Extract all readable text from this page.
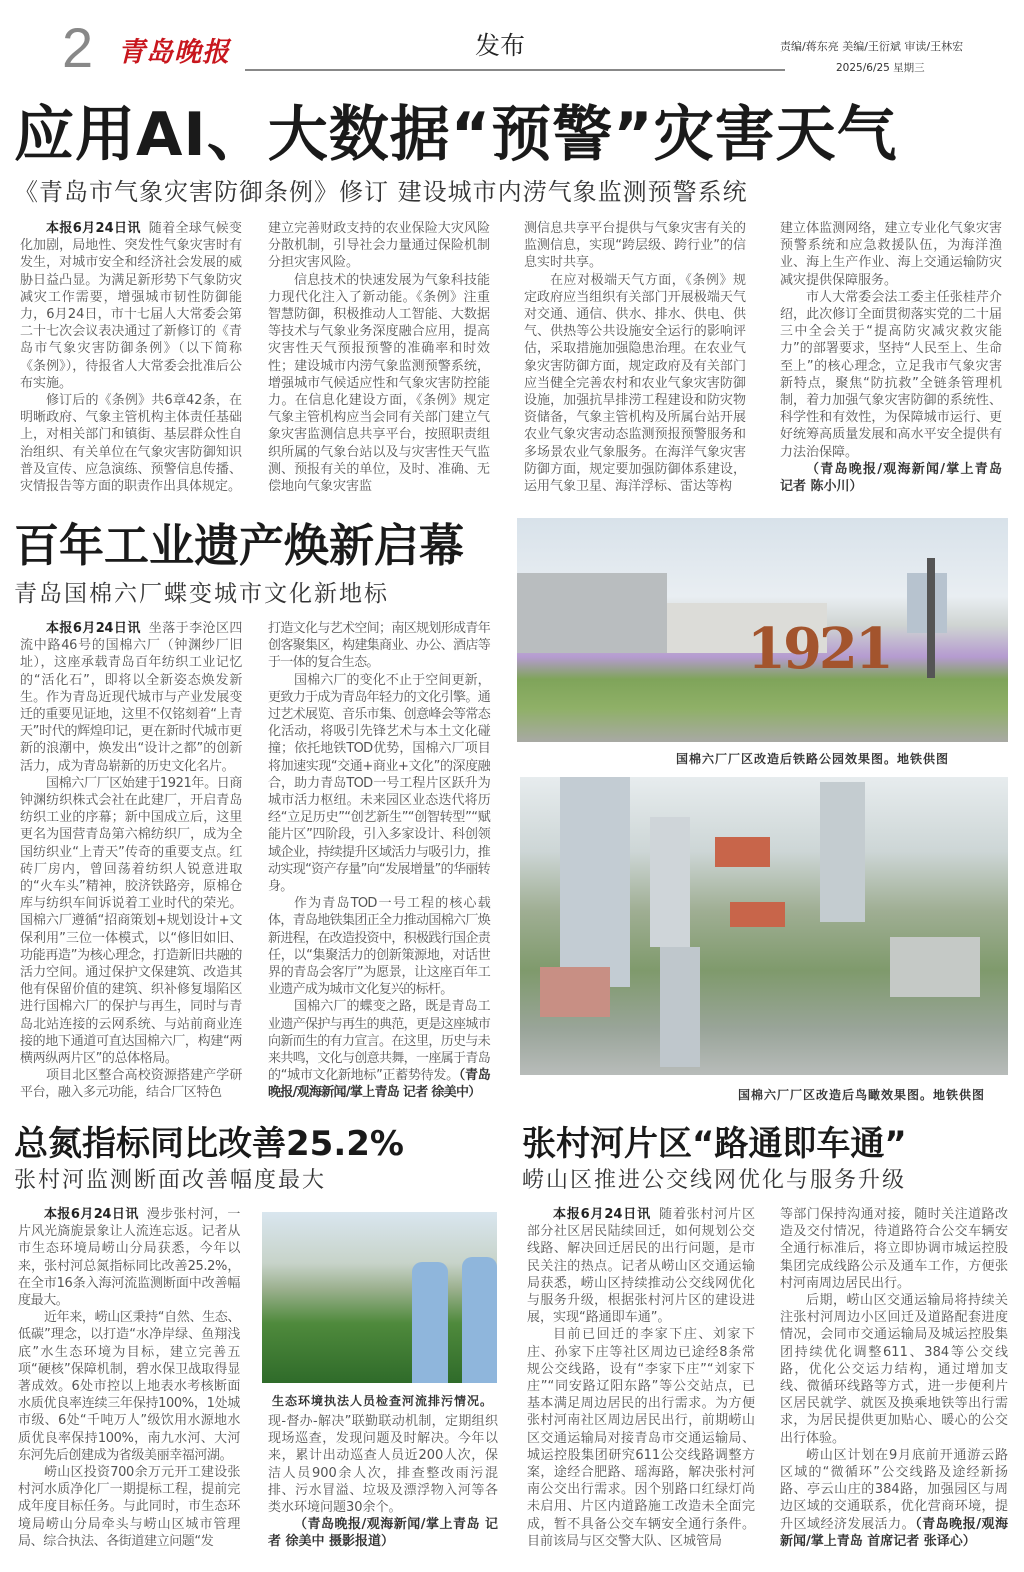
2 青岛晚报	发布	责编/蒋东亮 美编/王衍斌 审读/王林宏
2025/6/25 星期三
应用AI、大数据“预警”灾害天气
《青岛市气象灾害防御条例》修订 建设城市内涝气象监测预警系统

本报6月24日讯 随着全球气候变化加剧，局地性、突发性气象灾害时有发生，对城市安全和经济社会发展的威胁日益凸显。为满足新形势下气象防灾减灾工作需要，增强城市韧性防御能力，6月24日，市十七届人大常委会第二十七次会议表决通过了新修订的《青岛市气象灾害防御条例》（以下简称《条例》），待报省人大常委会批准后公布实施。

修订后的《条例》共6章42条，在明晰政府、气象主管机构主体责任基础上，对相关部门和镇街、基层群众性自治组织、有关单位在气象灾害防御知识普及宣传、应急演练、预警信息传播、灾情报告等方面的职责作出具体规定。

建立完善财政支持的农业保险大灾风险分散机制，引导社会力量通过保险机制分担灾害风险。

信息技术的快速发展为气象科技能力现代化注入了新动能。《条例》注重智慧防御，积极推动人工智能、大数据等技术与气象业务深度融合应用，提高灾害性天气预报预警的准确率和时效性；建设城市内涝气象监测预警系统，增强城市气候适应性和气象灾害防控能力。在信息化建设方面，《条例》规定气象主管机构应当会同有关部门建立气象灾害监测信息共享平台，按照职责组织所属的气象台站以及与灾害性天气监测、预报有关的单位，及时、准确、无偿地向气象灾害监

测信息共享平台提供与气象灾害有关的监测信息，实现“跨层级、跨行业”的信息实时共享。

在应对极端天气方面，《条例》规定政府应当组织有关部门开展极端天气对交通、通信、供水、排水、供电、供气、供热等公共设施安全运行的影响评估，采取措施加强隐患治理。在农业气象灾害防御方面，规定政府及有关部门应当健全完善农村和农业气象灾害防御设施，加强抗旱排涝工程建设和防灾物资储备，气象主管机构及所属台站开展农业气象灾害动态监测预报预警服务和多场景农业气象服务。在海洋气象灾害防御方面，规定要加强防御体系建设，运用气象卫星、海洋浮标、雷达等构

建立体监测网络，建立专业化气象灾害预警系统和应急救援队伍，为海洋渔业、海上生产作业、海上交通运输防灾减灾提供保障服务。

市人大常委会法工委主任张桂芹介绍，此次修订全面贯彻落实党的二十届三中全会关于“提高防灾减灾救灾能力”的部署要求，坚持“人民至上、生命至上”的核心理念，立足我市气象灾害新特点，聚焦“防抗救”全链条管理机制，着力加强气象灾害防御的系统性、科学性和有效性，为保障城市运行、更好统筹高质量发展和高水平安全提供有力法治保障。

（青岛晚报/观海新闻/掌上青岛 记者 陈小川）

百年工业遗产焕新启幕
青岛国棉六厂蝶变城市文化新地标

本报6月24日讯 坐落于李沧区四流中路46号的国棉六厂（钟渊纱厂旧址），这座承载青岛百年纺织工业记忆的“活化石”，即将以全新姿态焕发新生。作为青岛近现代城市与产业发展变迁的重要见证地，这里不仅铭刻着“上青天”时代的辉煌印记，更在新时代城市更新的浪潮中，焕发出“设计之都”的创新活力，成为青岛崭新的历史文化名片。

国棉六厂厂区始建于1921年。日商钟渊纺织株式会社在此建厂，开启青岛纺织工业的序幕；新中国成立后，这里更名为国营青岛第六棉纺织厂，成为全国纺织业“上青天”传奇的重要支点。红砖厂房内，曾回荡着纺织人锐意进取的“火车头”精神，胶济铁路旁，原棉仓库与纺织车间诉说着工业时代的荣光。国棉六厂遵循“招商策划+规划设计+文保利用”三位一体模式，以“修旧如旧、功能再造”为核心理念，打造新旧共融的活力空间。通过保护文保建筑、改造其他有保留价值的建筑、织补修复塌陷区进行国棉六厂的保护与再生，同时与青岛北站连接的云网系统、与站前商业连接的地下通道可直达国棉六厂，构建“两横两纵两片区”的总体格局。

项目北区整合高校资源搭建产学研平台，融入多元功能，结合厂区特色

打造文化与艺术空间；南区规划形成青年创客聚集区，构建集商业、办公、酒店等于一体的复合生态。

国棉六厂的变化不止于空间更新，更致力于成为青岛年轻力的文化引擎。通过艺术展览、音乐市集、创意峰会等常态化活动，将吸引先锋艺术与本土文化碰撞；依托地铁TOD优势，国棉六厂项目将加速实现“交通+商业+文化”的深度融合，助力青岛TOD一号工程片区跃升为城市活力枢纽。未来园区业态迭代将历经“立足历史”“创艺新生”“创智转型”“赋能片区”四阶段，引入多家设计、科创领域企业，持续提升区域活力与吸引力，推动实现“资产存量”向“发展增量”的华丽转身。

作为青岛TOD一号工程的核心载体，青岛地铁集团正全力推动国棉六厂焕新进程，在改造投资中，积极践行国企责任，以“集聚活力的创新策源地，对话世界的青岛会客厅”为愿景，让这座百年工业遗产成为城市文化复兴的标杆。

国棉六厂的蝶变之路，既是青岛工业遗产保护与再生的典范，更是这座城市向新而生的有力宣言。在这里，历史与未来共鸣，文化与创意共舞，一座属于青岛的“城市文化新地标”正蓄势待发。（青岛晚报/观海新闻/掌上青岛 记者 徐美中）

1921
国棉六厂厂区改造后铁路公园效果图。地铁供图
国棉六厂厂区改造后鸟瞰效果图。地铁供图
总氮指标同比改善25.2%
张村河监测断面改善幅度最大

本报6月24日讯 漫步张村河，一片风光旖旎景象让人流连忘返。记者从市生态环境局崂山分局获悉，今年以来，张村河总氮指标同比改善25.2%，在全市16条入海河流监测断面中改善幅度最大。

近年来，崂山区秉持“自然、生态、低碳”理念，以打造“水净岸绿、鱼翔浅底”水生态环境为目标，建立完善五项“硬核”保障机制，碧水保卫战取得显著成效。6处市控以上地表水考核断面水质优良率连续三年保持100%，1处城市级、6处“千吨万人”级饮用水源地水质优良率保持100%，南九水河、大河东河先后创建成为省级美丽幸福河湖。

崂山区投资700余万元开工建设张村河水质净化厂一期提标工程，提前完成年度目标任务。与此同时，市生态环境局崂山分局牵头与崂山区城市管理局、综合执法、各街道建立问题“发

生态环境执法人员检查河流排污情况。

现-督办-解决”联勤联动机制，定期组织现场巡查，发现问题及时解决。今年以来，累计出动巡查人员近200人次，保洁人员900余人次，排查整改雨污混排、污水冒溢、垃圾及漂浮物入河等各类水环境问题30余个。

（青岛晚报/观海新闻/掌上青岛 记者 徐美中 摄影报道）

张村河片区“路通即车通”
崂山区推进公交线网优化与服务升级

本报6月24日讯 随着张村河片区部分社区居民陆续回迁，如何规划公交线路、解决回迁居民的出行问题，是市民关注的热点。记者从崂山区交通运输局获悉，崂山区持续推动公交线网优化与服务升级，根据张村河片区的建设进展，实现“路通即车通”。

目前已回迁的李家下庄、刘家下庄、孙家下庄等社区周边已途经8条常规公交线路，设有“李家下庄”“刘家下庄”“同安路辽阳东路”等公交站点，已基本满足周边居民的出行需求。为方便张村河南社区周边居民出行，前期崂山区交通运输局对接青岛市交通运输局、城运控股集团研究611公交线路调整方案，途经合肥路、瑶海路，解决张村河南公交出行需求。因个别路口红绿灯尚未启用、片区内道路施工改造未全面完成，暂不具备公交车辆安全通行条件。目前该局与区交警大队、区城管局

等部门保持沟通对接，随时关注道路改造及交付情况，待道路符合公交车辆安全通行标准后，将立即协调市城运控股集团完成线路公示及通车工作，方便张村河南周边居民出行。

后期，崂山区交通运输局将持续关注张村河周边小区回迁及道路配套进度情况，会同市交通运输局及城运控股集团持续优化调整611、384等公交线路，优化公交运力结构，通过增加支线、微循环线路等方式，进一步便利片区居民就学、就医及换乘地铁等出行需求，为居民提供更加贴心、暖心的公交出行体验。

崂山区计划在9月底前开通游云路区域的“微循环”公交线路及途经新扬路、亭云山庄的384路，加强园区与周边区域的交通联系，优化营商环境，提升区域经济发展活力。（青岛晚报/观海新闻/掌上青岛 首席记者 张译心）
